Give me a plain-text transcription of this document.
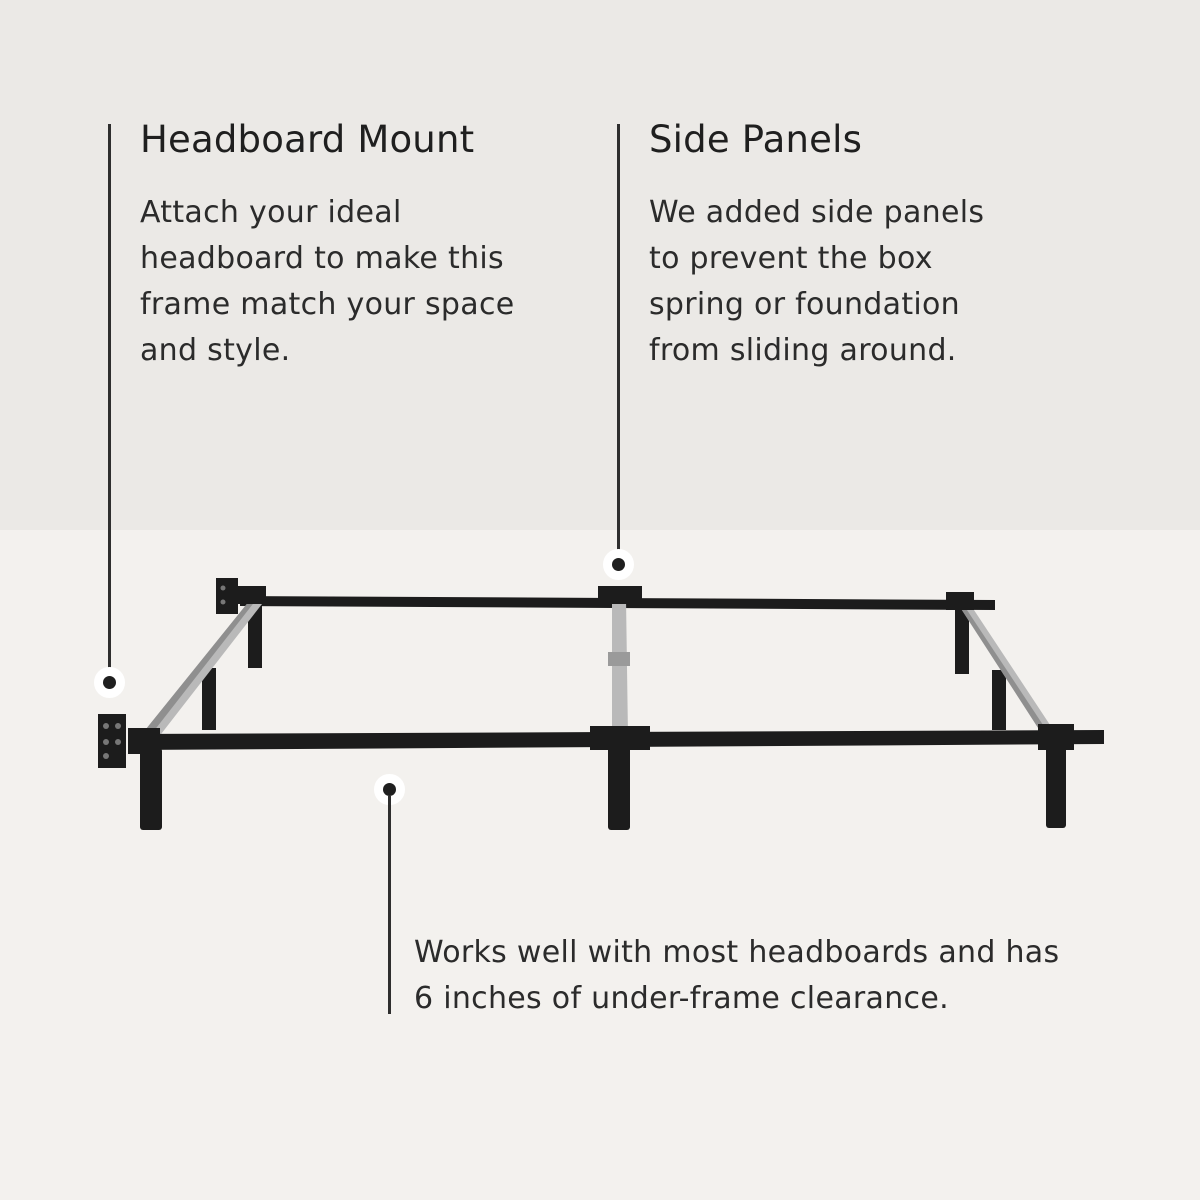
Headboard Mount

Attach your ideal headboard to make this frame match your space and style.

Side Panels

We added side panels to prevent the box spring or foundation from sliding around.

Works well with most headboards and has 6 inches of under-frame clearance.
